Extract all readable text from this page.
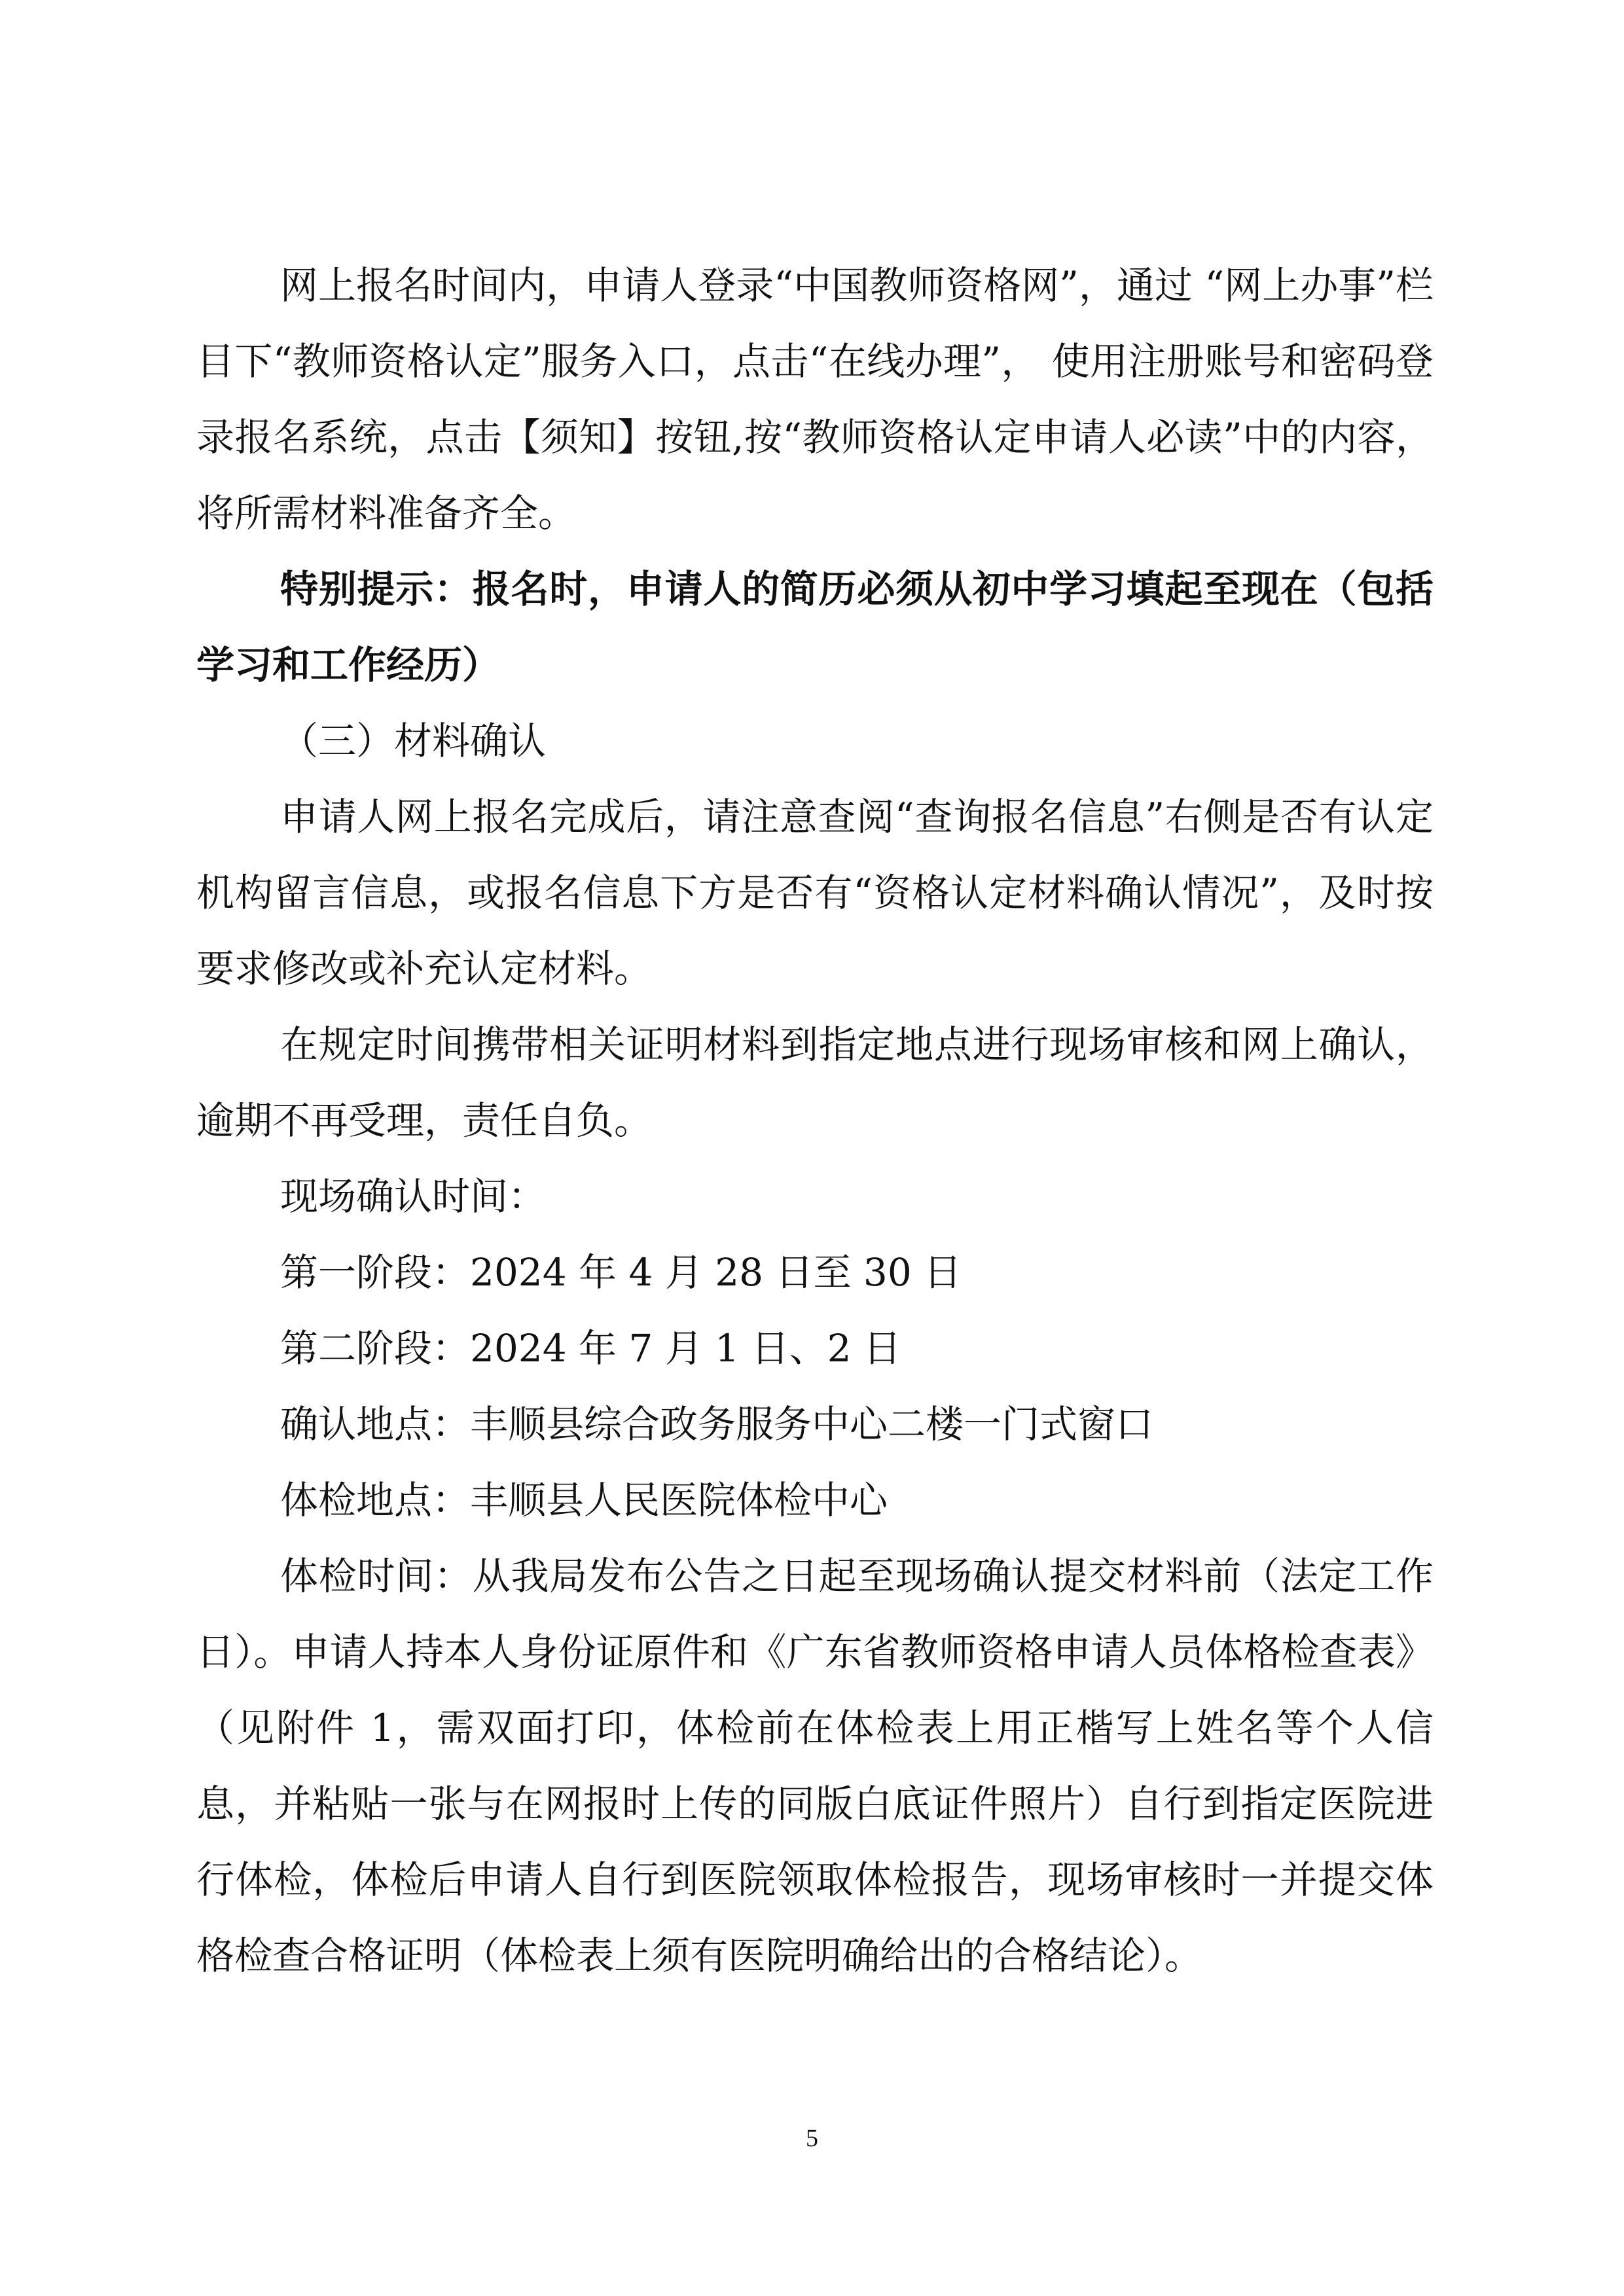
网上报名时间内，申请人登录“中国教师资格网”，通过 “网上办事”栏目下“教师资格认定”服务入口，点击“在线办理”， 使用注册账号和密码登录报名系统，点击【须知】按钮,按“教师资格认定申请人必读”中的内容，将所需材料准备齐全。

特别提示：报名时，申请人的简历必须从初中学习填起至现在（包括学习和工作经历）

（三）材料确认

申请人网上报名完成后，请注意查阅“查询报名信息”右侧是否有认定机构留言信息，或报名信息下方是否有“资格认定材料确认情况”，及时按要求修改或补充认定材料。

在规定时间携带相关证明材料到指定地点进行现场审核和网上确认，逾期不再受理，责任自负。

现场确认时间：
第一阶段：2024 年 4 月 28 日至 30 日
第二阶段：2024 年 7 月 1 日、2 日
确认地点：丰顺县综合政务服务中心二楼一门式窗口
体检地点：丰顺县人民医院体检中心

体检时间：从我局发布公告之日起至现场确认提交材料前（法定工作日）。申请人持本人身份证原件和《广东省教师资格申请人员体格检查表》（见附件 1，需双面打印，体检前在体检表上用正楷写上姓名等个人信息，并粘贴一张与在网报时上传的同版白底证件照片）自行到指定医院进行体检，体检后申请人自行到医院领取体检报告，现场审核时一并提交体格检查合格证明（体检表上须有医院明确给出的合格结论）。

5
